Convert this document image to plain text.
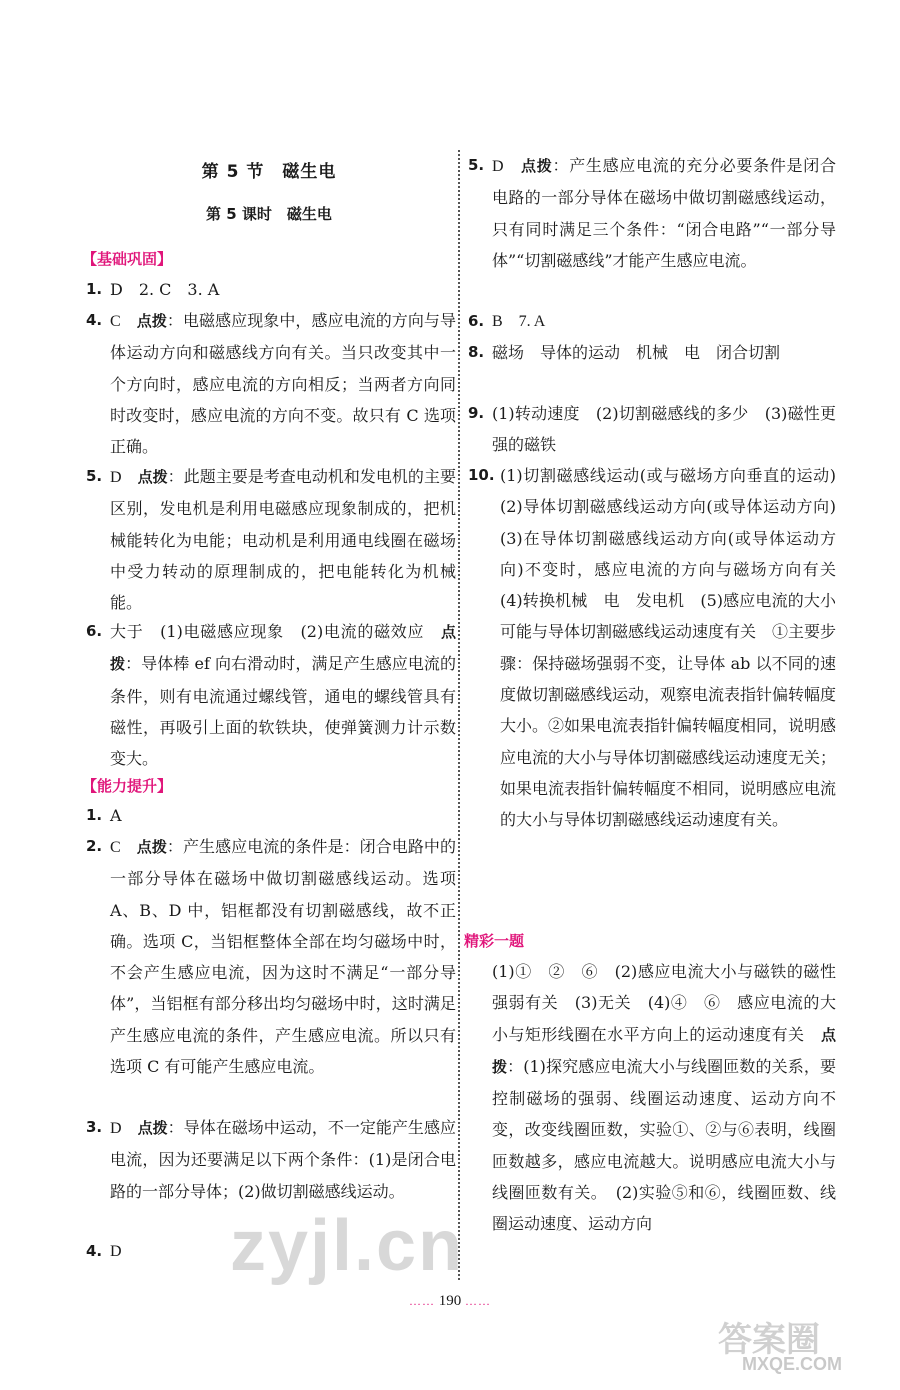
第 5 节　磁生电
第 5 课时　磁生电
【基础巩固】
1. D　2. C　3. A
4. C　 点拨：电磁感应现象中，感应电流的方向与导体运动方向和磁感线方向有关。当只改变其中一个方向时，感应电流的方向相反；当两者方向同时改变时，感应电流的方向不变。故只有 C 选项正确。
5. D　 点拨：此题主要是考查电动机和发电机的主要区别，发电机是利用电磁感应现象制成的，把机械能转化为电能；电动机是利用通电线圈在磁场中受力转动的原理制成的，把电能转化为机械能。
6. 大于　(1)电磁感应现象　(2)电流的磁效应　 点拨：导体棒 ef 向右滑动时，满足产生感应电流的条件，则有电流通过螺线管，通电的螺线管具有磁性，再吸引上面的软铁块，使弹簧测力计示数变大。
【能力提升】
1. A
2. C　 点拨：产生感应电流的条件是：闭合电路中的一部分导体在磁场中做切割磁感线运动。选项 A、B、D 中，铝框都没有切割磁感线，故不正确。选项 C，当铝框整体全部在均匀磁场中时，不会产生感应电流，因为这时不满足“一部分导体”，当铝框有部分移出均匀磁场中时，这时满足产生感应电流的条件，产生感应电流。所以只有选项 C 有可能产生感应电流。
3. D　 点拨：导体在磁场中运动，不一定能产生感应电流，因为还要满足以下两个条件：(1)是闭合电路的一部分导体；(2)做切割磁感线运动。
4. D
5. D　 点拨：产生感应电流的充分必要条件是闭合电路的一部分导体在磁场中做切割磁感线运动，只有同时满足三个条件：“闭合电路”“一部分导体”“切割磁感线”才能产生感应电流。
6. B　7. A
8. 磁场　导体的运动　机械　电　闭合切割
9. (1)转动速度　(2)切割磁感线的多少　(3)磁性更强的磁铁
10. (1)切割磁感线运动(或与磁场方向垂直的运动)　(2)导体切割磁感线运动方向(或导体运动方向)　(3)在导体切割磁感线运动方向(或导体运动方向)不变时，感应电流的方向与磁场方向有关　(4)转换机械　电　发电机　(5)感应电流的大小可能与导体切割磁感线运动速度有关　①主要步骤：保持磁场强弱不变，让导体 ab 以不同的速度做切割磁感线运动，观察电流表指针偏转幅度大小。②如果电流表指针偏转幅度相同，说明感应电流的大小与导体切割磁感线运动速度无关；如果电流表指针偏转幅度不相同，说明感应电流的大小与导体切割磁感线运动速度有关。
精彩一题
(1)①　②　⑥　(2)感应电流大小与磁铁的磁性强弱有关　(3)无关　(4)④　⑥　感应电流的大小与矩形线圈在水平方向上的运动速度有关　 点拨：(1)探究感应电流大小与线圈匝数的关系，要控制磁场的强弱、线圈运动速度、运动方向不变，改变线圈匝数，实验①、②与⑥表明，线圈匝数越多，感应电流越大。说明感应电流大小与线圈匝数有关。　(2)实验⑤和⑥，线圈匝数、线圈运动速度、运动方向
…… 190 ……
zyjl.cn
答案圈
MXQE.COM
